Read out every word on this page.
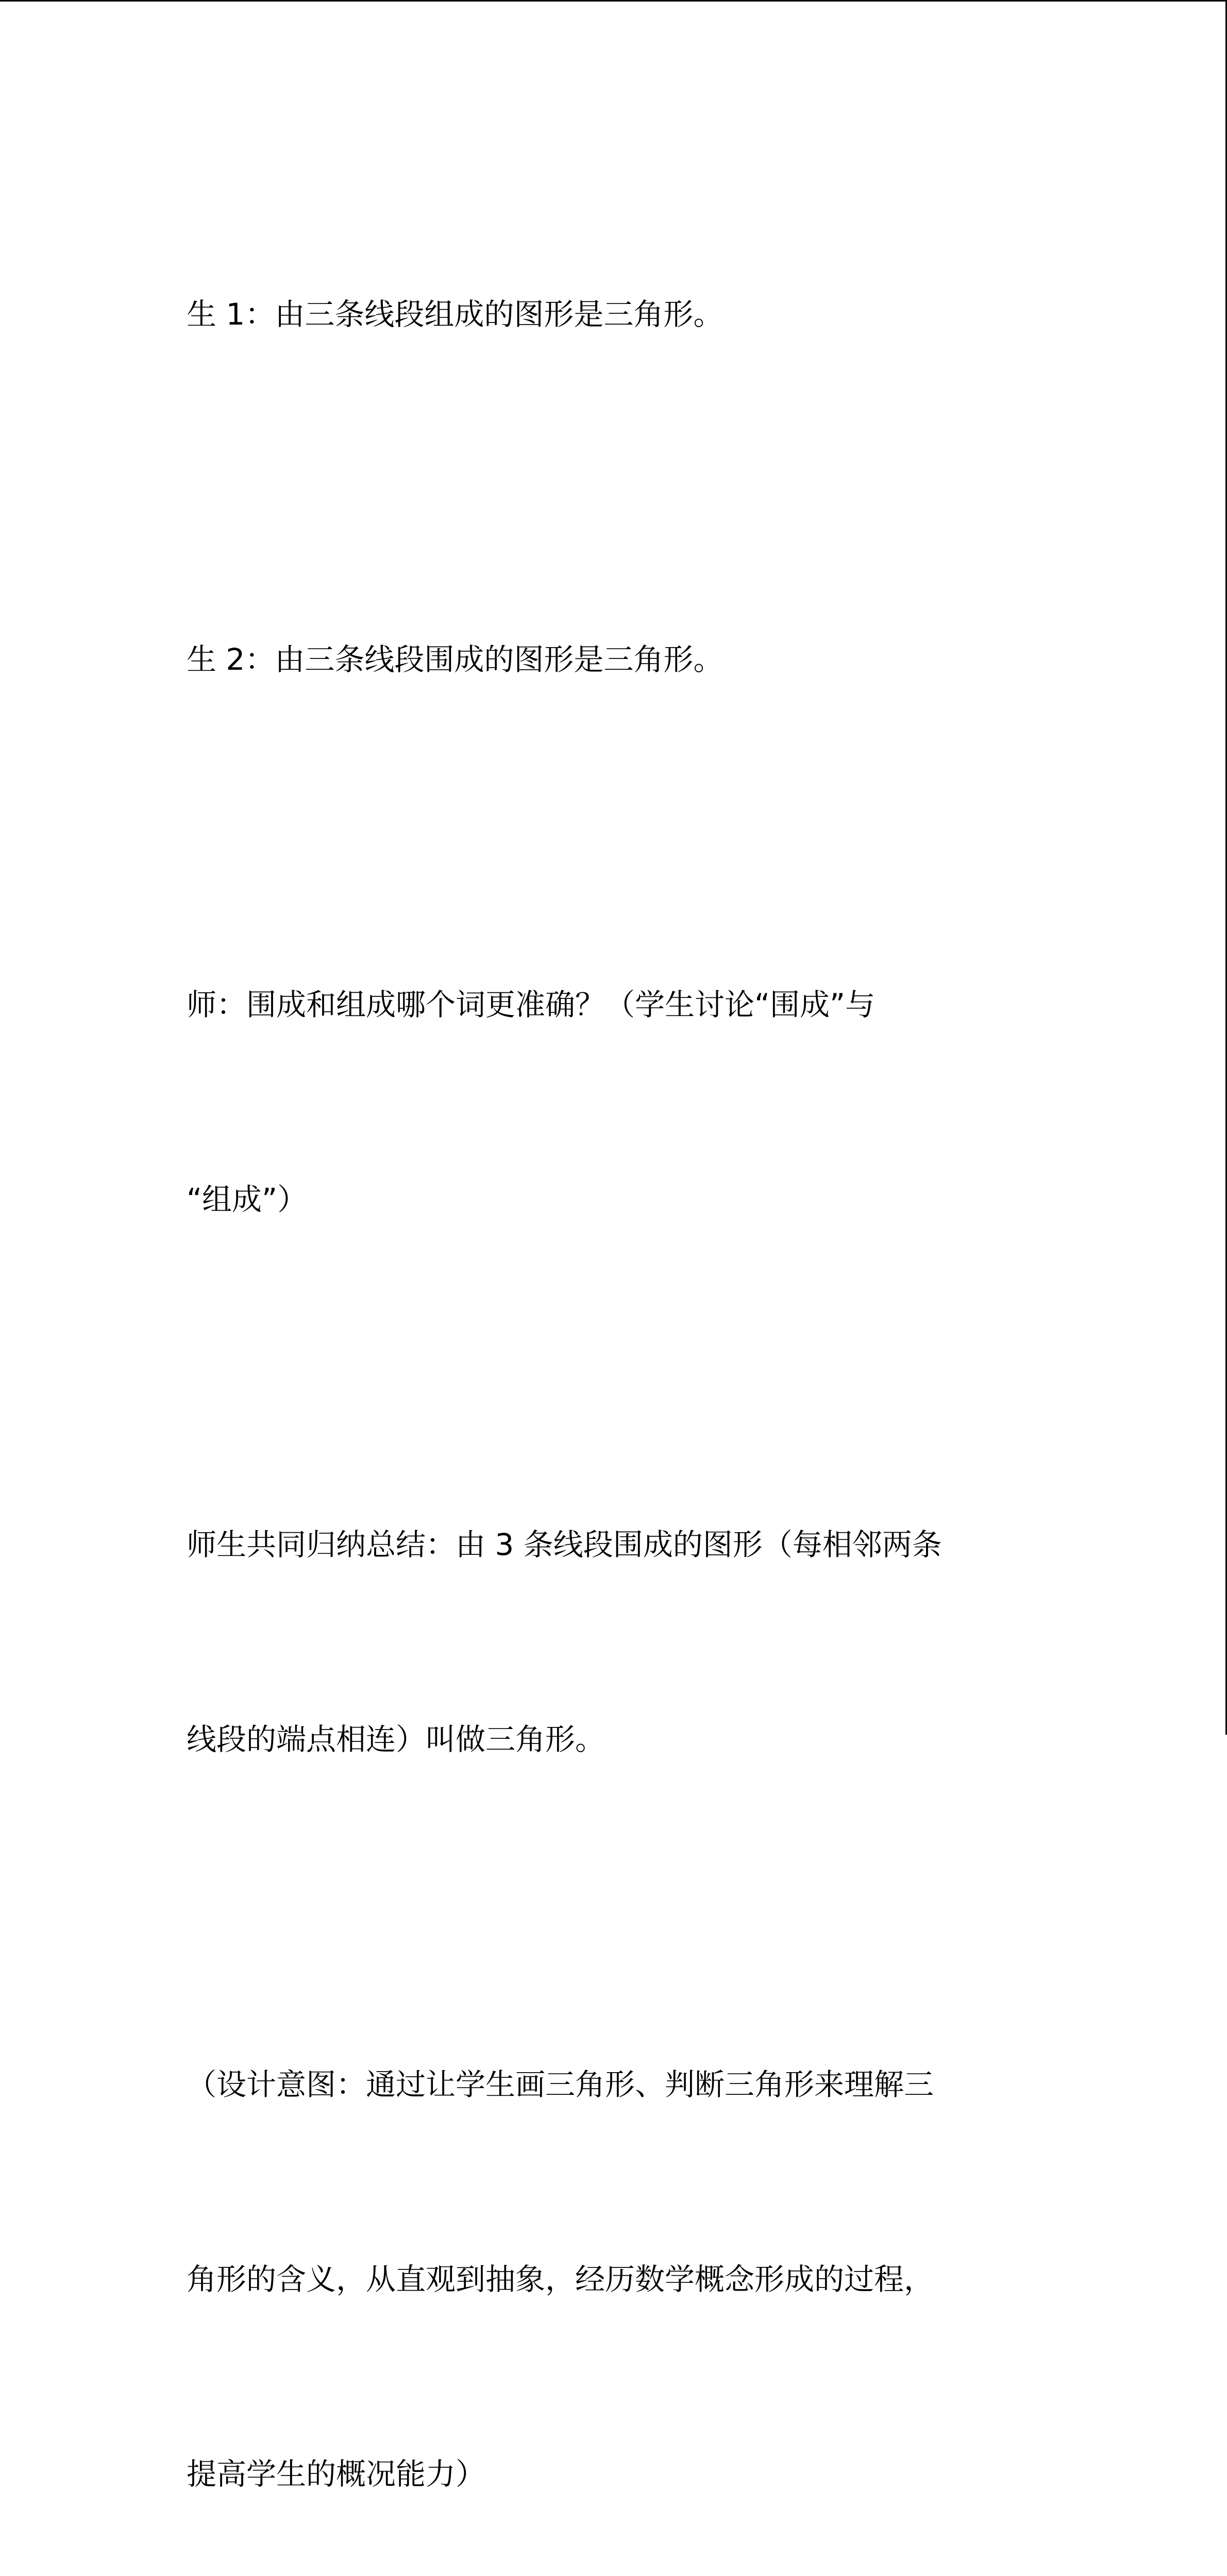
生 1：由三条线段组成的图形是三角形。

生 2：由三条线段围成的图形是三角形。

师：围成和组成哪个词更准确？（学生讨论“围成”与

“组成”）

师生共同归纳总结：由 3 条线段围成的图形（每相邻两条

线段的端点相连）叫做三角形。

（设计意图：通过让学生画三角形、判断三角形来理解三

角形的含义，从直观到抽象，经历数学概念形成的过程，

提高学生的概况能力）
